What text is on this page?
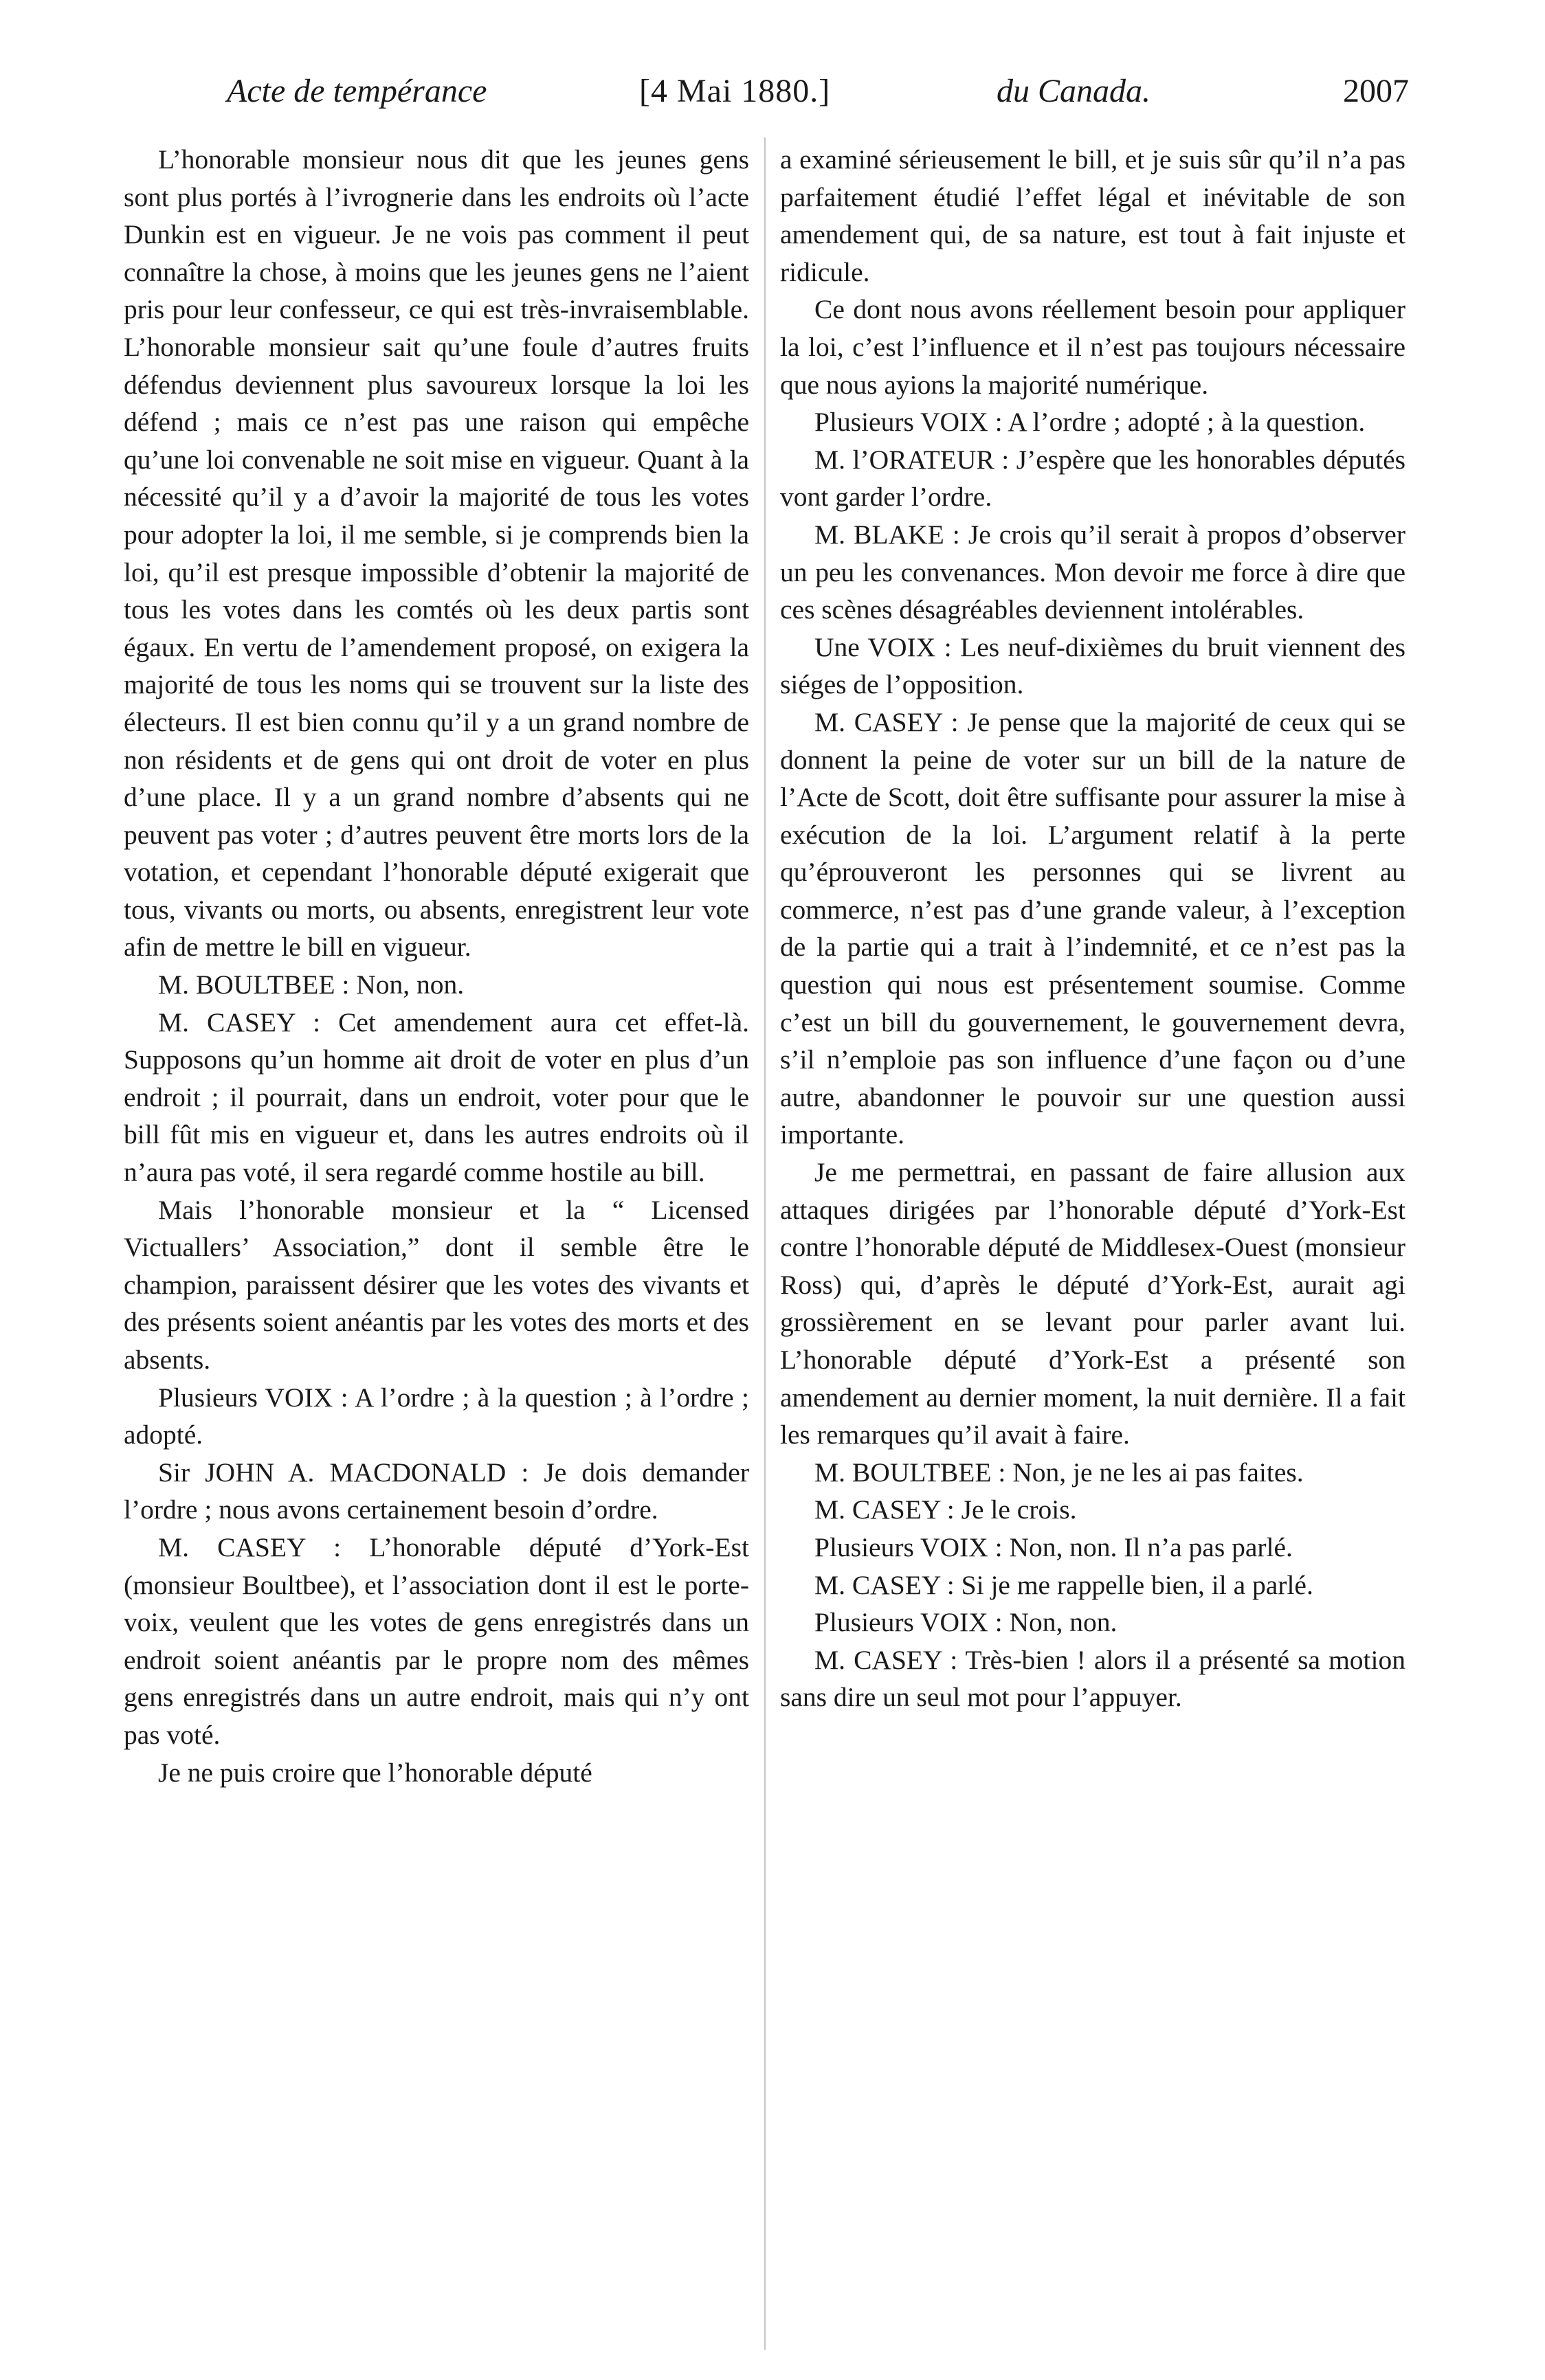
Acte de tempérance	[4 Mai 1880.]	du Canada.	2007

L’honorable monsieur nous dit que les jeunes gens sont plus portés à l’ivrognerie dans les endroits où l’acte Dunkin est en vigueur. Je ne vois pas comment il peut connaître la chose, à moins que les jeunes gens ne l’aient pris pour leur confesseur, ce qui est très-invraisemblable. L’honorable monsieur sait qu’une foule d’autres fruits défendus deviennent plus savoureux lorsque la loi les défend ; mais ce n’est pas une raison qui empêche qu’une loi convenable ne soit mise en vigueur. Quant à la nécessité qu’il y a d’avoir la majorité de tous les votes pour adopter la loi, il me semble, si je comprends bien la loi, qu’il est presque impossible d’obtenir la majorité de tous les votes dans les comtés où les deux partis sont égaux. En vertu de l’amendement proposé, on exigera la majorité de tous les noms qui se trouvent sur la liste des électeurs. Il est bien connu qu’il y a un grand nombre de non résidents et de gens qui ont droit de voter en plus d’une place. Il y a un grand nombre d’absents qui ne peuvent pas voter ; d’autres peuvent être morts lors de la votation, et cependant l’honorable député exigerait que tous, vivants ou morts, ou absents, enregistrent leur vote afin de mettre le bill en vigueur.

M. BOULTBEE : Non, non.

M. CASEY : Cet amendement aura cet effet-là. Supposons qu’un homme ait droit de voter en plus d’un endroit ; il pourrait, dans un endroit, voter pour que le bill fût mis en vigueur et, dans les autres endroits où il n’aura pas voté, il sera regardé comme hostile au bill.

Mais l’honorable monsieur et la “ Licensed Victuallers’ Association,” dont il semble être le champion, paraissent désirer que les votes des vivants et des présents soient anéantis par les votes des morts et des absents.

Plusieurs VOIX : A l’ordre ; à la question ; à l’ordre ; adopté.

Sir JOHN A. MACDONALD : Je dois demander l’ordre ; nous avons certainement besoin d’ordre.

M. CASEY : L’honorable député d’York-Est (monsieur Boultbee), et l’association dont il est le porte-voix, veulent que les votes de gens enregistrés dans un endroit soient anéantis par le propre nom des mêmes gens enregistrés dans un autre endroit, mais qui n’y ont pas voté.

Je ne puis croire que l’honorable député

a examiné sérieusement le bill, et je suis sûr qu’il n’a pas parfaitement étudié l’effet légal et inévitable de son amendement qui, de sa nature, est tout à fait injuste et ridicule.

Ce dont nous avons réellement besoin pour appliquer la loi, c’est l’influence et il n’est pas toujours nécessaire que nous ayions la majorité numérique.

Plusieurs VOIX : A l’ordre ; adopté ; à la question.

M. l’ORATEUR : J’espère que les honorables députés vont garder l’ordre.

M. BLAKE : Je crois qu’il serait à propos d’observer un peu les convenances. Mon devoir me force à dire que ces scènes désagréables deviennent intolérables.

Une VOIX : Les neuf-dixièmes du bruit viennent des siéges de l’opposition.

M. CASEY : Je pense que la majorité de ceux qui se donnent la peine de voter sur un bill de la nature de l’Acte de Scott, doit être suffisante pour assurer la mise à exécution de la loi. L’argument relatif à la perte qu’éprouveront les personnes qui se livrent au commerce, n’est pas d’une grande valeur, à l’exception de la partie qui a trait à l’indemnité, et ce n’est pas la question qui nous est présentement soumise. Comme c’est un bill du gouvernement, le gouvernement devra, s’il n’emploie pas son influence d’une façon ou d’une autre, abandonner le pouvoir sur une question aussi importante.

Je me permettrai, en passant de faire allusion aux attaques dirigées par l’honorable député d’York-Est contre l’honorable député de Middlesex-Ouest (monsieur Ross) qui, d’après le député d’York-Est, aurait agi grossièrement en se levant pour parler avant lui. L’honorable député d’York-Est a présenté son amendement au dernier moment, la nuit dernière. Il a fait les remarques qu’il avait à faire.

M. BOULTBEE : Non, je ne les ai pas faites.

M. CASEY : Je le crois.

Plusieurs VOIX : Non, non. Il n’a pas parlé.

M. CASEY : Si je me rappelle bien, il a parlé.

Plusieurs VOIX : Non, non.

M. CASEY : Très-bien ! alors il a présenté sa motion sans dire un seul mot pour l’appuyer.
